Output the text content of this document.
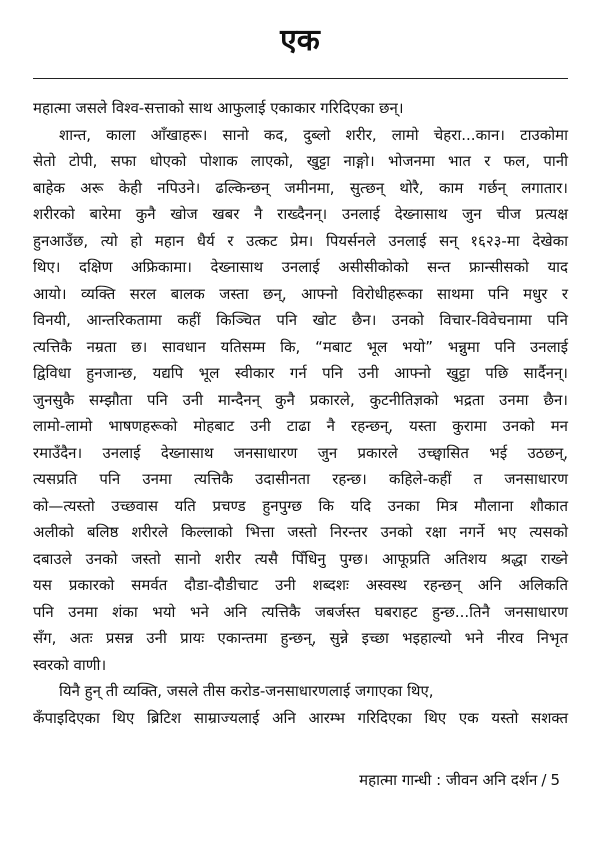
एक
महात्मा जसले विश्व-सत्ताको साथ आफुलाई एकाकार गरिदिएका छन्।
शान्त, काला आँखाहरू। सानो कद, दुब्लो शरीर, लामो चेहरा...कान। टाउकोमा
सेतो टोपी, सफा धोएको पोशाक लाएको, खुट्टा नाङ्गो। भोजनमा भात र फल, पानी
बाहेक अरू केही नपिउने। ढल्किन्छन् जमीनमा, सुत्छन् थोरै, काम गर्छन् लगातार।
शरीरको बारेमा कुनै खोज खबर नै राख्दैनन्। उनलाई देख्नासाथ जुन चीज प्रत्यक्ष
हुनआउँछ, त्यो हो महान धैर्य र उत्कट प्रेम। पियर्सनले उनलाई सन् १६२३-मा देखेका
थिए। दक्षिण अफ्रिकामा। देख्नासाथ उनलाई असीसीकोको सन्त फ्रान्सीसको याद
आयो। व्यक्ति सरल बालक जस्ता छन्, आफ्नो विरोधीहरूका साथमा पनि मधुर र
विनयी, आन्तरिकतामा कहीं किञ्चित पनि खोट छैन। उनको विचार-विवेचनामा पनि
त्यत्तिकै नम्रता छ। सावधान यतिसम्म कि, “मबाट भूल भयो” भन्नुमा पनि उनलाई
द्विविधा हुनजान्छ, यद्यपि भूल स्वीकार गर्न पनि उनी आफ्नो खुट्टा पछि सार्दैनन्।
जुनसुकै सम्झौता पनि उनी मान्दैनन् कुनै प्रकारले, कुटनीतिज्ञको भद्रता उनमा छैन।
लामो-लामो भाषणहरूको मोहबाट उनी टाढा नै रहन्छन्, यस्ता कुरामा उनको मन
रमाउँदैन। उनलाई देख्नासाथ जनसाधारण जुन प्रकारले उच्छ्वासित भई उठछन्,
त्यसप्रति पनि उनमा त्यत्तिकै उदासीनता रहन्छ। कहिले-कहीं त जनसाधारण
को—त्यस्तो उच्छवास यति प्रचण्ड हुनपुग्छ कि यदि उनका मित्र मौलाना शौकात
अलीको बलिष्ठ शरीरले किल्लाको भित्ता जस्तो निरन्तर उनको रक्षा नगर्ने भए त्यसको
दबाउले उनको जस्तो सानो शरीर त्यसै पिँधिनु पुग्छ। आफूप्रति अतिशय श्रद्धा राख्ने
यस प्रकारको समर्वत दौडा-दौडीचाट उनी शब्दशः अस्वस्थ रहन्छन् अनि अलिकति
पनि उनमा शंका भयो भने अनि त्यत्तिकै जबर्जस्त घबराहट हुन्छ...तिनै जनसाधारण
सँग, अतः प्रसन्न उनी प्रायः एकान्तमा हुन्छन्, सुन्ने इच्छा भइहाल्यो भने नीरव निभृत
स्वरको वाणी।
यिनै हुन् ती व्यक्ति, जसले तीस करोड-जनसाधारणलाई जगाएका थिए,
कँपाइदिएका थिए ब्रिटिश साम्राज्यलाई अनि आरम्भ गरिदिएका थिए एक यस्तो सशक्त
महात्मा गान्धी : जीवन अनि दर्शन / 5
